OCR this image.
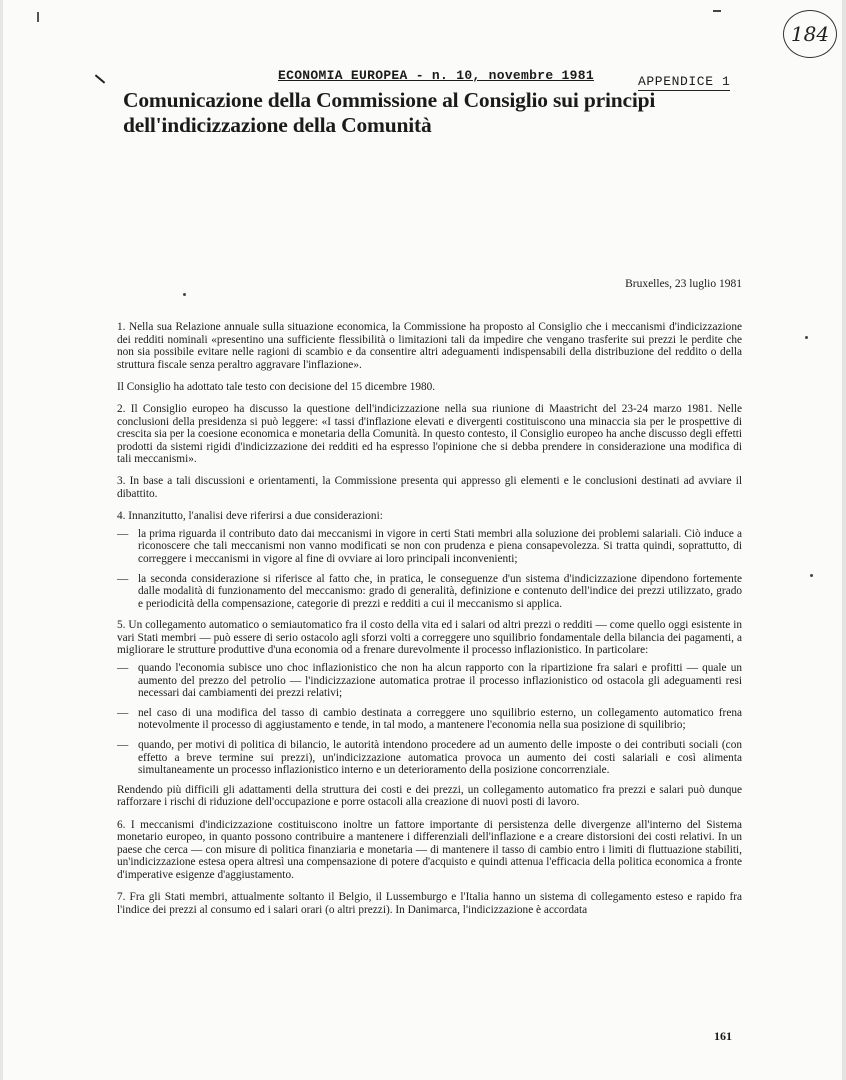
184
ECONOMIA EUROPEA - n. 10, novembre 1981	APPENDICE 1
Comunicazione della Commissione al Consiglio sui principi dell'indicizzazione della Comunità
Bruxelles, 23 luglio 1981

1. Nella sua Relazione annuale sulla situazione economica, la Commissione ha proposto al Consiglio che i meccanismi d'indicizzazione dei redditi nominali «presentino una sufficiente flessibilità o limitazioni tali da impedire che vengano trasferite sui prezzi le perdite che non sia possibile evitare nelle ragioni di scambio e da consentire altri adeguamenti indispensabili della distribuzione del reddito o della struttura fiscale senza peraltro aggravare l'inflazione».

Il Consiglio ha adottato tale testo con decisione del 15 dicembre 1980.

2. Il Consiglio europeo ha discusso la questione dell'indicizzazione nella sua riunione di Maastricht del 23-24 marzo 1981. Nelle conclusioni della presidenza si può leggere: «I tassi d'inflazione elevati e divergenti costituiscono una minaccia sia per le prospettive di crescita sia per la coesione economica e monetaria della Comunità. In questo contesto, il Consiglio europeo ha anche discusso degli effetti prodotti da sistemi rigidi d'indicizzazione dei redditi ed ha espresso l'opinione che si debba prendere in considerazione una modifica di tali meccanismi».

3. In base a tali discussioni e orientamenti, la Commissione presenta qui appresso gli elementi e le conclusioni destinati ad avviare il dibattito.

4. Innanzitutto, l'analisi deve riferirsi a due considerazioni:

— la prima riguarda il contributo dato dai meccanismi in vigore in certi Stati membri alla soluzione dei problemi salariali. Ciò induce a riconoscere che tali meccanismi non vanno modificati se non con prudenza e piena consapevolezza. Si tratta quindi, soprattutto, di correggere i meccanismi in vigore al fine di ovviare ai loro principali inconvenienti;
— la seconda considerazione si riferisce al fatto che, in pratica, le conseguenze d'un sistema d'indicizzazione dipendono fortemente dalle modalità di funzionamento del meccanismo: grado di generalità, definizione e contenuto dell'indice dei prezzi utilizzato, grado e periodicità della compensazione, categorie di prezzi e redditi a cui il meccanismo si applica.

5. Un collegamento automatico o semiautomatico fra il costo della vita ed i salari od altri prezzi o redditi — come quello oggi esistente in vari Stati membri — può essere di serio ostacolo agli sforzi volti a correggere uno squilibrio fondamentale della bilancia dei pagamenti, a migliorare le strutture produttive d'una economia od a frenare durevolmente il processo inflazionistico. In particolare:

— quando l'economia subisce uno choc inflazionistico che non ha alcun rapporto con la ripartizione fra salari e profitti — quale un aumento del prezzo del petrolio — l'indicizzazione automatica protrae il processo inflazionistico od ostacola gli adeguamenti resi necessari dai cambiamenti dei prezzi relativi;
— nel caso di una modifica del tasso di cambio destinata a correggere uno squilibrio esterno, un collegamento automatico frena notevolmente il processo di aggiustamento e tende, in tal modo, a mantenere l'economia nella sua posizione di squilibrio;
— quando, per motivi di politica di bilancio, le autorità intendono procedere ad un aumento delle imposte o dei contributi sociali (con effetto a breve termine sui prezzi), un'indicizzazione automatica provoca un aumento dei costi salariali e così alimenta simultaneamente un processo inflazionistico interno e un deterioramento della posizione concorrenziale.

Rendendo più difficili gli adattamenti della struttura dei costi e dei prezzi, un collegamento automatico fra prezzi e salari può dunque rafforzare i rischi di riduzione dell'occupazione e porre ostacoli alla creazione di nuovi posti di lavoro.

6. I meccanismi d'indicizzazione costituiscono inoltre un fattore importante di persistenza delle divergenze all'interno del Sistema monetario europeo, in quanto possono contribuire a mantenere i differenziali dell'inflazione e a creare distorsioni dei costi relativi. In un paese che cerca — con misure di politica finanziaria e monetaria — di mantenere il tasso di cambio entro i limiti di fluttuazione stabiliti, un'indicizzazione estesa opera altresì una compensazione di potere d'acquisto e quindi attenua l'efficacia della politica economica a fronte d'imperative esigenze d'aggiustamento.

7. Fra gli Stati membri, attualmente soltanto il Belgio, il Lussemburgo e l'Italia hanno un sistema di collegamento esteso e rapido fra l'indice dei prezzi al consumo ed i salari orari (o altri prezzi). In Danimarca, l'indicizzazione è accordata

161
